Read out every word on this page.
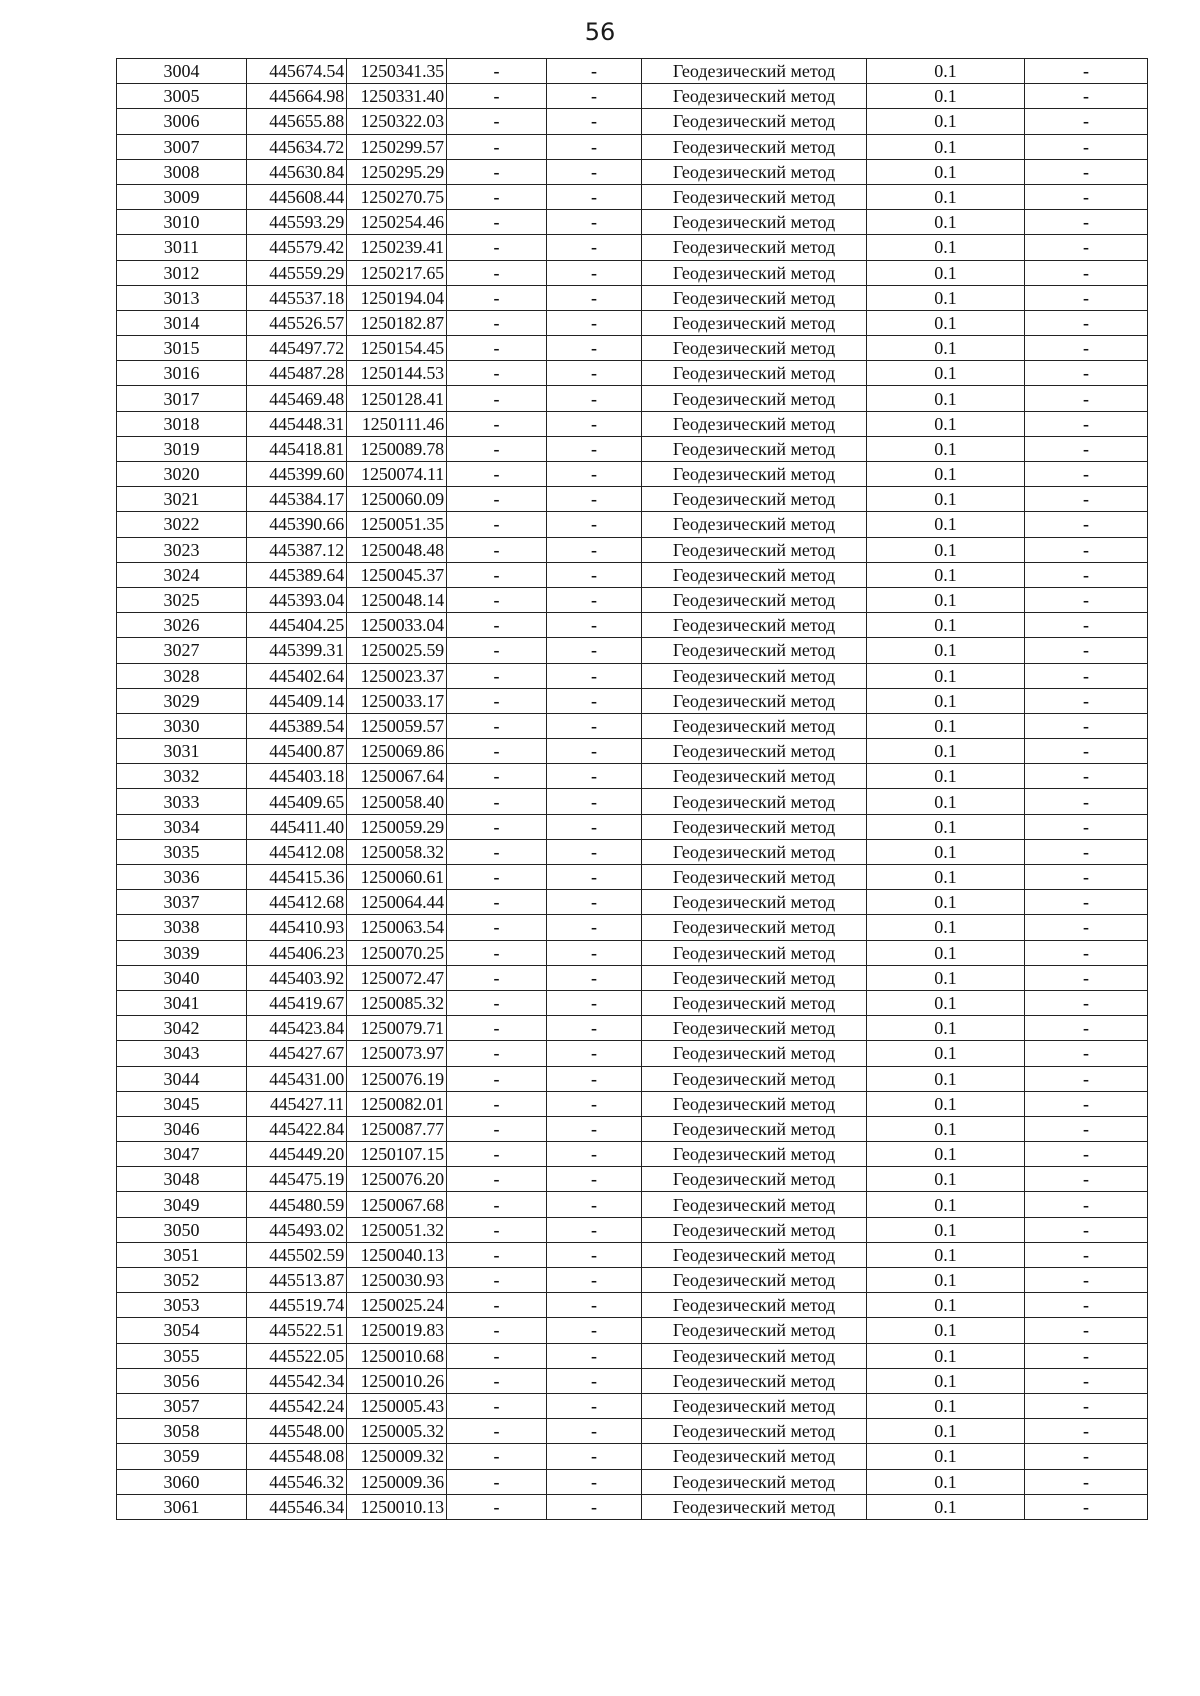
56
3004	445674.54	1250341.35	-	-	Геодезический метод	0.1	-
3005	445664.98	1250331.40	-	-	Геодезический метод	0.1	-
3006	445655.88	1250322.03	-	-	Геодезический метод	0.1	-
3007	445634.72	1250299.57	-	-	Геодезический метод	0.1	-
3008	445630.84	1250295.29	-	-	Геодезический метод	0.1	-
3009	445608.44	1250270.75	-	-	Геодезический метод	0.1	-
3010	445593.29	1250254.46	-	-	Геодезический метод	0.1	-
3011	445579.42	1250239.41	-	-	Геодезический метод	0.1	-
3012	445559.29	1250217.65	-	-	Геодезический метод	0.1	-
3013	445537.18	1250194.04	-	-	Геодезический метод	0.1	-
3014	445526.57	1250182.87	-	-	Геодезический метод	0.1	-
3015	445497.72	1250154.45	-	-	Геодезический метод	0.1	-
3016	445487.28	1250144.53	-	-	Геодезический метод	0.1	-
3017	445469.48	1250128.41	-	-	Геодезический метод	0.1	-
3018	445448.31	1250111.46	-	-	Геодезический метод	0.1	-
3019	445418.81	1250089.78	-	-	Геодезический метод	0.1	-
3020	445399.60	1250074.11	-	-	Геодезический метод	0.1	-
3021	445384.17	1250060.09	-	-	Геодезический метод	0.1	-
3022	445390.66	1250051.35	-	-	Геодезический метод	0.1	-
3023	445387.12	1250048.48	-	-	Геодезический метод	0.1	-
3024	445389.64	1250045.37	-	-	Геодезический метод	0.1	-
3025	445393.04	1250048.14	-	-	Геодезический метод	0.1	-
3026	445404.25	1250033.04	-	-	Геодезический метод	0.1	-
3027	445399.31	1250025.59	-	-	Геодезический метод	0.1	-
3028	445402.64	1250023.37	-	-	Геодезический метод	0.1	-
3029	445409.14	1250033.17	-	-	Геодезический метод	0.1	-
3030	445389.54	1250059.57	-	-	Геодезический метод	0.1	-
3031	445400.87	1250069.86	-	-	Геодезический метод	0.1	-
3032	445403.18	1250067.64	-	-	Геодезический метод	0.1	-
3033	445409.65	1250058.40	-	-	Геодезический метод	0.1	-
3034	445411.40	1250059.29	-	-	Геодезический метод	0.1	-
3035	445412.08	1250058.32	-	-	Геодезический метод	0.1	-
3036	445415.36	1250060.61	-	-	Геодезический метод	0.1	-
3037	445412.68	1250064.44	-	-	Геодезический метод	0.1	-
3038	445410.93	1250063.54	-	-	Геодезический метод	0.1	-
3039	445406.23	1250070.25	-	-	Геодезический метод	0.1	-
3040	445403.92	1250072.47	-	-	Геодезический метод	0.1	-
3041	445419.67	1250085.32	-	-	Геодезический метод	0.1	-
3042	445423.84	1250079.71	-	-	Геодезический метод	0.1	-
3043	445427.67	1250073.97	-	-	Геодезический метод	0.1	-
3044	445431.00	1250076.19	-	-	Геодезический метод	0.1	-
3045	445427.11	1250082.01	-	-	Геодезический метод	0.1	-
3046	445422.84	1250087.77	-	-	Геодезический метод	0.1	-
3047	445449.20	1250107.15	-	-	Геодезический метод	0.1	-
3048	445475.19	1250076.20	-	-	Геодезический метод	0.1	-
3049	445480.59	1250067.68	-	-	Геодезический метод	0.1	-
3050	445493.02	1250051.32	-	-	Геодезический метод	0.1	-
3051	445502.59	1250040.13	-	-	Геодезический метод	0.1	-
3052	445513.87	1250030.93	-	-	Геодезический метод	0.1	-
3053	445519.74	1250025.24	-	-	Геодезический метод	0.1	-
3054	445522.51	1250019.83	-	-	Геодезический метод	0.1	-
3055	445522.05	1250010.68	-	-	Геодезический метод	0.1	-
3056	445542.34	1250010.26	-	-	Геодезический метод	0.1	-
3057	445542.24	1250005.43	-	-	Геодезический метод	0.1	-
3058	445548.00	1250005.32	-	-	Геодезический метод	0.1	-
3059	445548.08	1250009.32	-	-	Геодезический метод	0.1	-
3060	445546.32	1250009.36	-	-	Геодезический метод	0.1	-
3061	445546.34	1250010.13	-	-	Геодезический метод	0.1	-
